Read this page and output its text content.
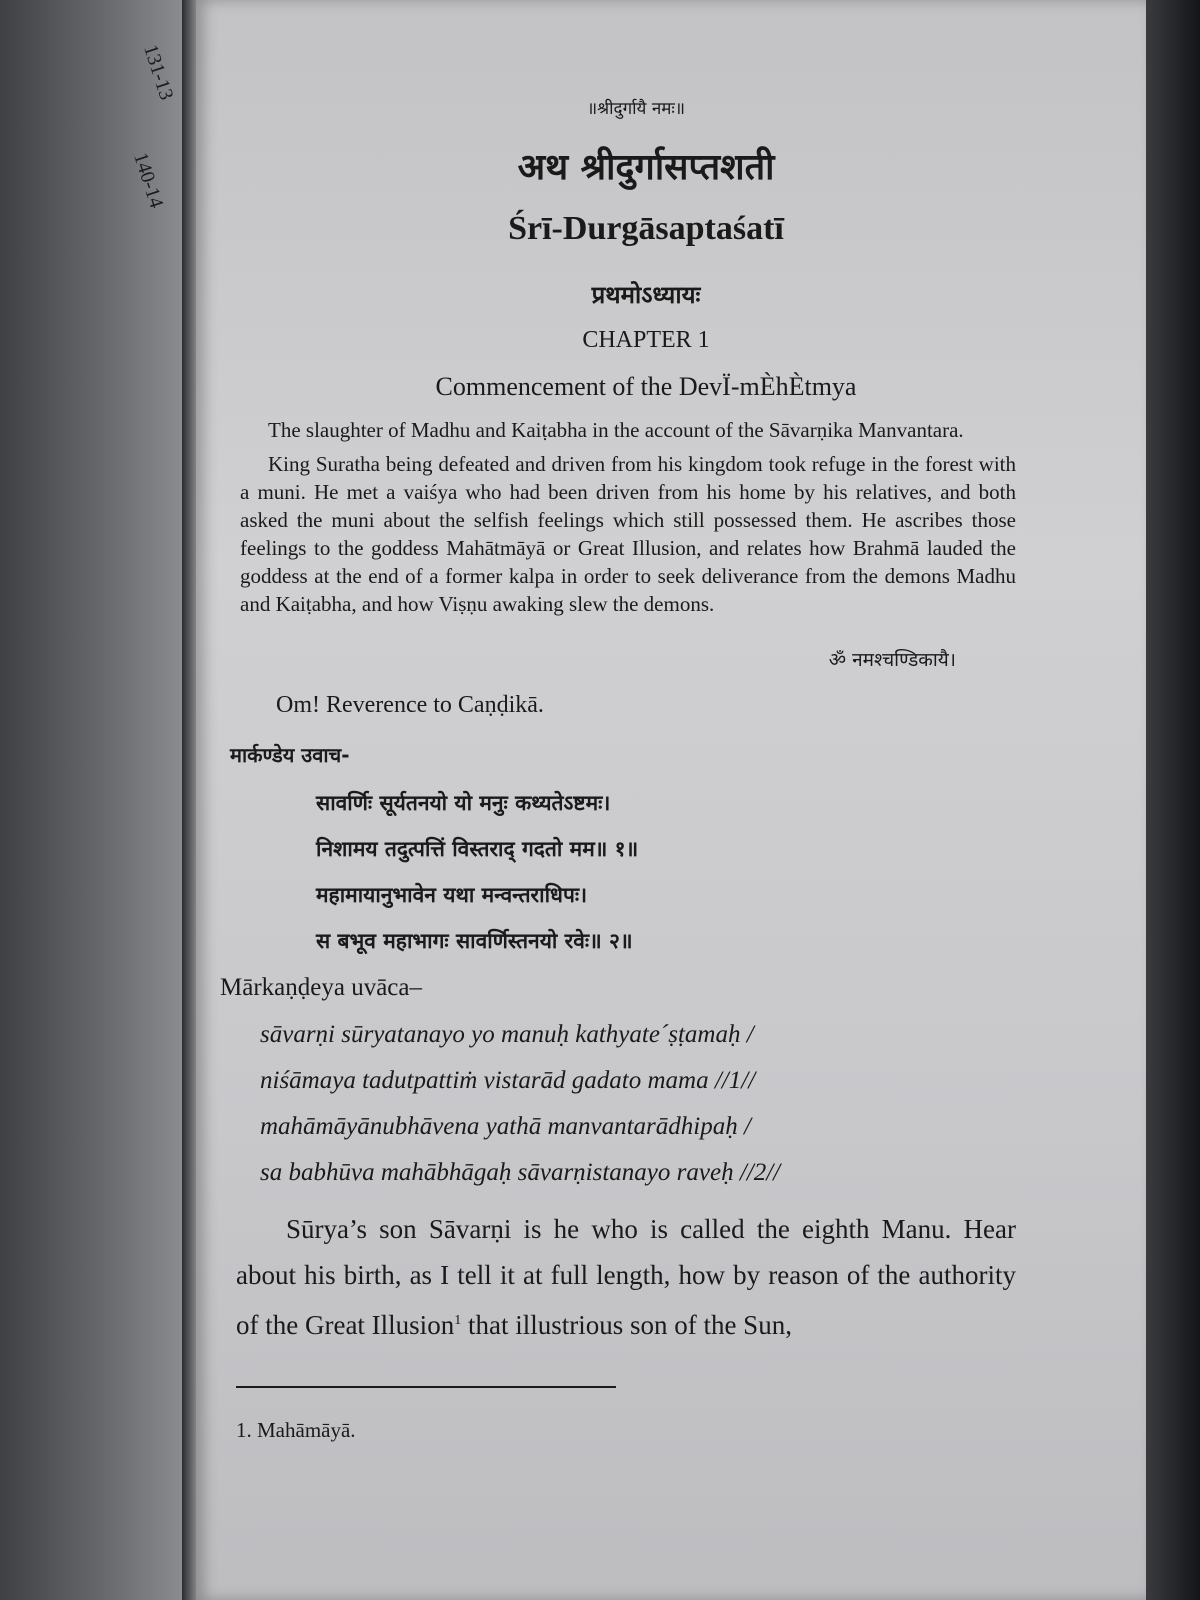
131-13
140-14

॥श्रीदुर्गायै नमः॥

अथ श्रीदुर्गासप्तशती
Śrī-Durgāsaptaśatī
प्रथमोऽध्यायः

CHAPTER 1

Commencement of the DevÏ-mÈhÈtmya

The slaughter of Madhu and Kaiṭabha in the account of the Sāvarṇika Manvantara.

King Suratha being defeated and driven from his kingdom took refuge in the forest with a muni. He met a vaiśya who had been driven from his home by his relatives, and both asked the muni about the selfish feelings which still possessed them. He ascribes those feelings to the goddess Mahātmāyā or Great Illusion, and relates how Brahmā lauded the goddess at the end of a former kalpa in order to seek deliverance from the demons Madhu and Kaiṭabha, and how Viṣṇu awaking slew the demons.

ॐ नमश्चण्डिकायै।

Om! Reverence to Caṇḍikā.

मार्कण्डेय उवाच-

सावर्णिः सूर्यतनयो यो मनुः कथ्यतेऽष्टमः।
निशामय तदुत्पत्तिं विस्तराद् गदतो मम॥ १॥
महामायानुभावेन यथा मन्वन्तराधिपः।
स बभूव महाभागः सावर्णिस्तनयो रवेः॥ २॥

Mārkaṇḍeya uvāca–

sāvarṇi sūryatanayo yo manuḥ kathyate´ṣṭamaḥ /
niśāmaya tadutpattiṁ vistarād gadato mama //1//
mahāmāyānubhāvena yathā manvantarādhipaḥ /
sa babhūva mahābhāgaḥ sāvarṇistanayo raveḥ //2//

Sūrya’s son Sāvarṇi is he who is called the eighth Manu. Hear about his birth, as I tell it at full length, how by reason of the authority of the Great Illusion$^1$ that illustrious son of the Sun,

1. Mahāmāyā.
